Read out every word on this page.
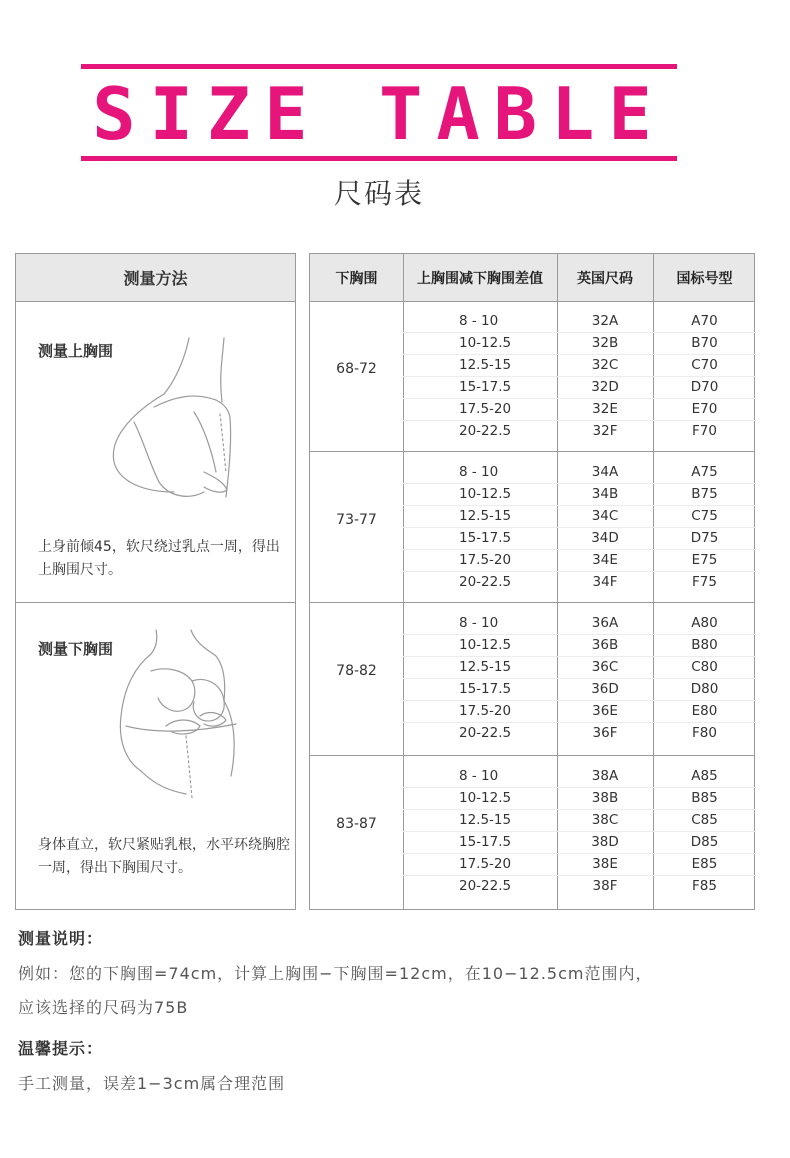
SIZE TABLE
尺码表
测量方法
测量上胸围
上身前倾45，软尺绕过乳点一周，得出上胸围尺寸。
测量下胸围
身体直立，软尺紧贴乳根，水平环绕胸腔一周，得出下胸围尺寸。
下胸围	上胸围减下胸围差值	英国尺码	国标号型
68-72
8 - 10	32A	A70
10-12.5	32B	B70
12.5-15	32C	C70
15-17.5	32D	D70
17.5-20	32E	E70
20-22.5	32F	F70
73-77
8 - 10	34A	A75
10-12.5	34B	B75
12.5-15	34C	C75
15-17.5	34D	D75
17.5-20	34E	E75
20-22.5	34F	F75
78-82
8 - 10	36A	A80
10-12.5	36B	B80
12.5-15	36C	C80
15-17.5	36D	D80
17.5-20	36E	E80
20-22.5	36F	F80
83-87
8 - 10	38A	A85
10-12.5	38B	B85
12.5-15	38C	C85
15-17.5	38D	D85
17.5-20	38E	E85
20-22.5	38F	F85
测量说明：
例如：您的下胸围=74cm，计算上胸围−下胸围=12cm，在10−12.5cm范围内，
应该选择的尺码为75B
温馨提示：
手工测量，误差1−3cm属合理范围
